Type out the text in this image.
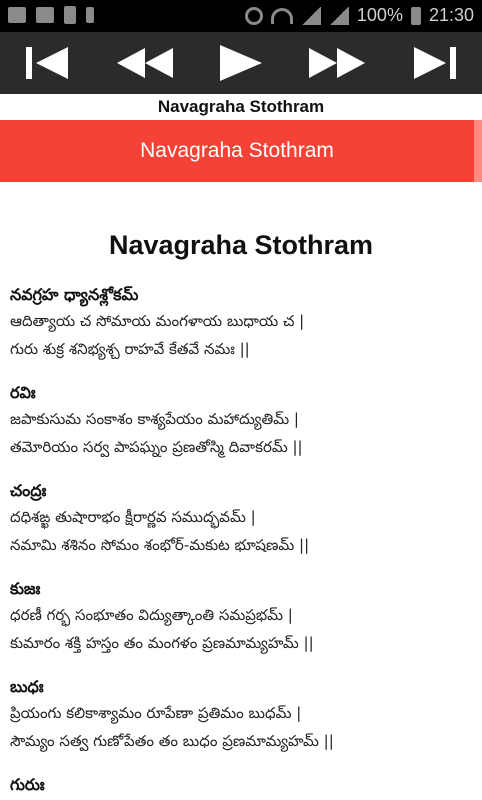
100% 21:30
Navagraha Stothram
Navagraha Stothram
Navagraha Stothram
నవగ్రహ ధ్యానశ్లోకమ్
ఆదిత్యాయ చ సోమాయ మంగళాయ బుధాయ చ |
గురు శుక్ర శనిభ్యశ్చ రాహవే కేతవే నమః ||
రవిః
జపాకుసుమ సంకాశం కాశ్యపేయం మహాద్యుతిమ్ |
తమోరియం సర్వ పాపఘ్నం ప్రణతోస్మి దివాకరమ్ ||
చంద్రః
దధిశఙ్ఖ తుషారాభం క్షీరార్ణవ సముద్భవమ్ |
నమామి శశినం సోమం శంభోర్-మకుట భూషణమ్ ||
కుజః
ధరణీ గర్భ సంభూతం విద్యుత్కాంతి సమప్రభమ్ |
కుమారం శక్తి హస్తం తం మంగళం ప్రణమామ్యహమ్ ||
బుధః
ప్రియంగు కలికాశ్యామం రూపేణా ప్రతిమం బుధమ్ |
సౌమ్యం సత్వ గుణోపేతం తం బుధం ప్రణమామ్యహమ్ ||
గురుః
